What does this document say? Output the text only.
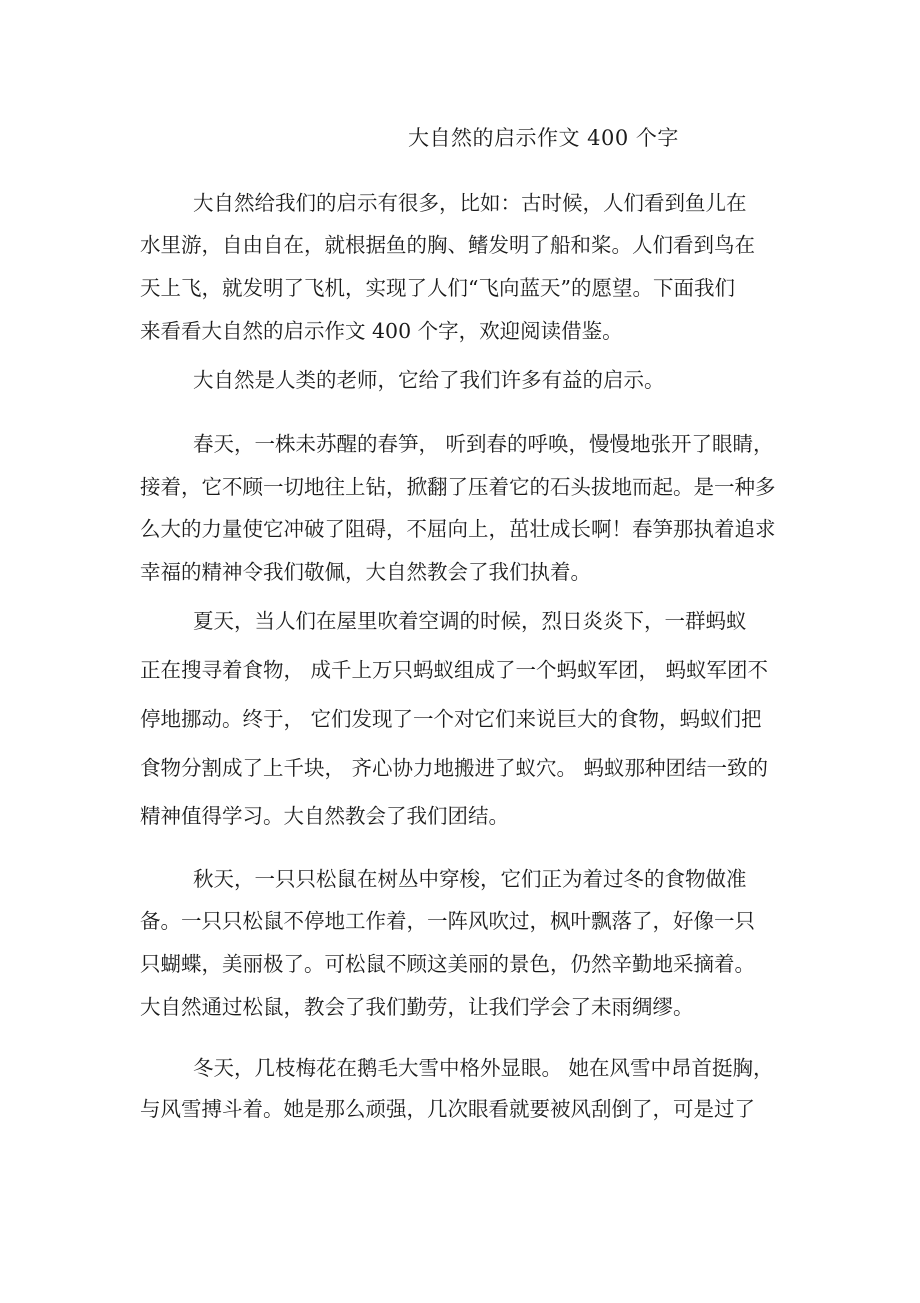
大自然的启示作文 400 个字
大自然给我们的启示有很多，比如：古时候，人们看到鱼儿在
水里游，自由自在，就根据鱼的胸、鳍发明了船和桨。人们看到鸟在
天上飞，就发明了飞机，实现了人们“飞向蓝天”的愿望。下面我们
来看看大自然的启示作文 400 个字，欢迎阅读借鉴。
大自然是人类的老师，它给了我们许多有益的启示。
春天，一株未苏醒的春笋， 听到春的呼唤，慢慢地张开了眼睛，
接着，它不顾一切地往上钻，掀翻了压着它的石头拔地而起。是一种多
么大的力量使它冲破了阻碍，不屈向上，茁壮成长啊！春笋那执着追求
幸福的精神令我们敬佩，大自然教会了我们执着。
夏天，当人们在屋里吹着空调的时候，烈日炎炎下，一群蚂蚁
正在搜寻着食物， 成千上万只蚂蚁组成了一个蚂蚁军团， 蚂蚁军团不
停地挪动。终于， 它们发现了一个对它们来说巨大的食物，蚂蚁们把
食物分割成了上千块， 齐心协力地搬进了蚁穴。 蚂蚁那种团结一致的
精神值得学习。大自然教会了我们团结。
秋天，一只只松鼠在树丛中穿梭，它们正为着过冬的食物做准
备。一只只松鼠不停地工作着，一阵风吹过，枫叶飘落了，好像一只
只蝴蝶，美丽极了。可松鼠不顾这美丽的景色，仍然辛勤地采摘着。
大自然通过松鼠，教会了我们勤劳，让我们学会了未雨绸缪。
冬天，几枝梅花在鹅毛大雪中格外显眼。 她在风雪中昂首挺胸，
与风雪搏斗着。她是那么顽强，几次眼看就要被风刮倒了，可是过了
